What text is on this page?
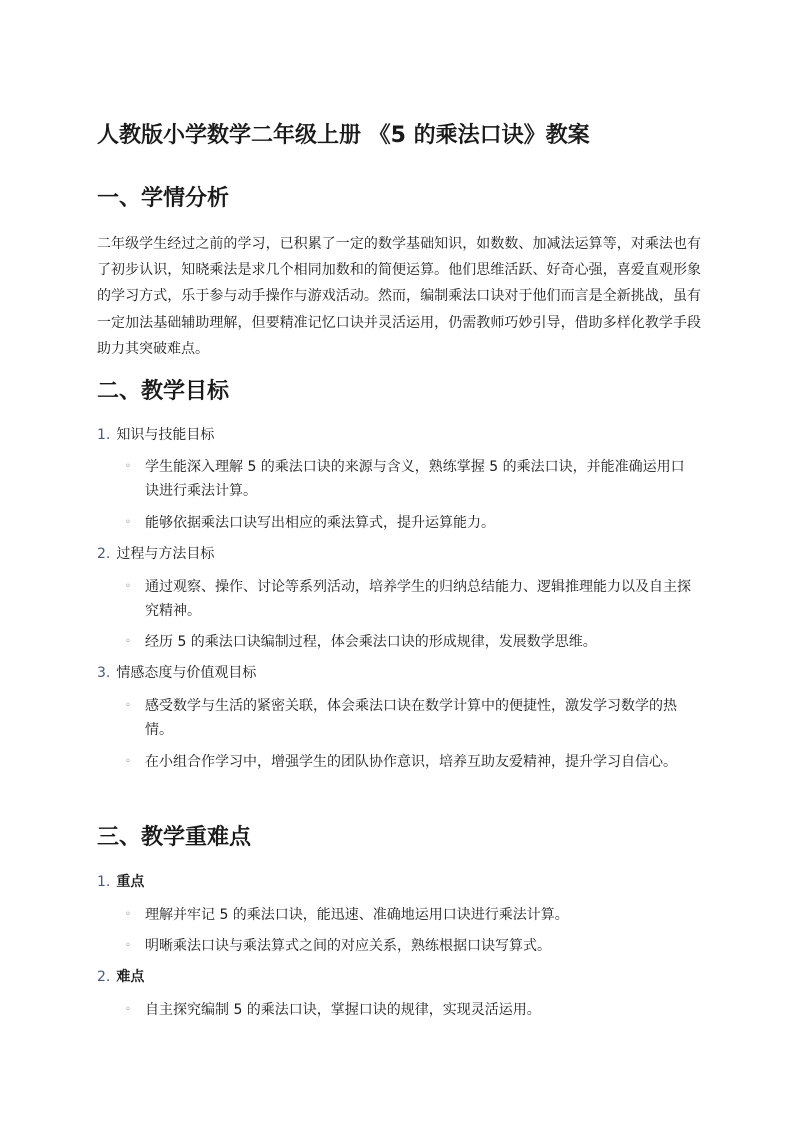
人教版小学数学二年级上册 《5 的乘法口诀》教案
一、学情分析

二年级学生经过之前的学习，已积累了一定的数学基础知识，如数数、加减法运算等，对乘法也有了初步认识，知晓乘法是求几个相同加数和的简便运算。他们思维活跃、好奇心强，喜爱直观形象的学习方式，乐于参与动手操作与游戏活动。然而，编制乘法口诀对于他们而言是全新挑战，虽有一定加法基础辅助理解，但要精准记忆口诀并灵活运用，仍需教师巧妙引导，借助多样化教学手段助力其突破难点。

二、教学目标
1. 知识与技能目标
◦ 学生能深入理解 5 的乘法口诀的来源与含义，熟练掌握 5 的乘法口诀，并能准确运用口诀进行乘法计算。
◦ 能够依据乘法口诀写出相应的乘法算式，提升运算能力。
2. 过程与方法目标
◦ 通过观察、操作、讨论等系列活动，培养学生的归纳总结能力、逻辑推理能力以及自主探究精神。
◦ 经历 5 的乘法口诀编制过程，体会乘法口诀的形成规律，发展数学思维。
3. 情感态度与价值观目标
◦ 感受数学与生活的紧密关联，体会乘法口诀在数学计算中的便捷性，激发学习数学的热情。
◦ 在小组合作学习中，增强学生的团队协作意识，培养互助友爱精神，提升学习自信心。
三、教学重难点
1. 重点
◦ 理解并牢记 5 的乘法口诀，能迅速、准确地运用口诀进行乘法计算。
◦ 明晰乘法口诀与乘法算式之间的对应关系，熟练根据口诀写算式。
2. 难点
◦ 自主探究编制 5 的乘法口诀，掌握口诀的规律，实现灵活运用。
